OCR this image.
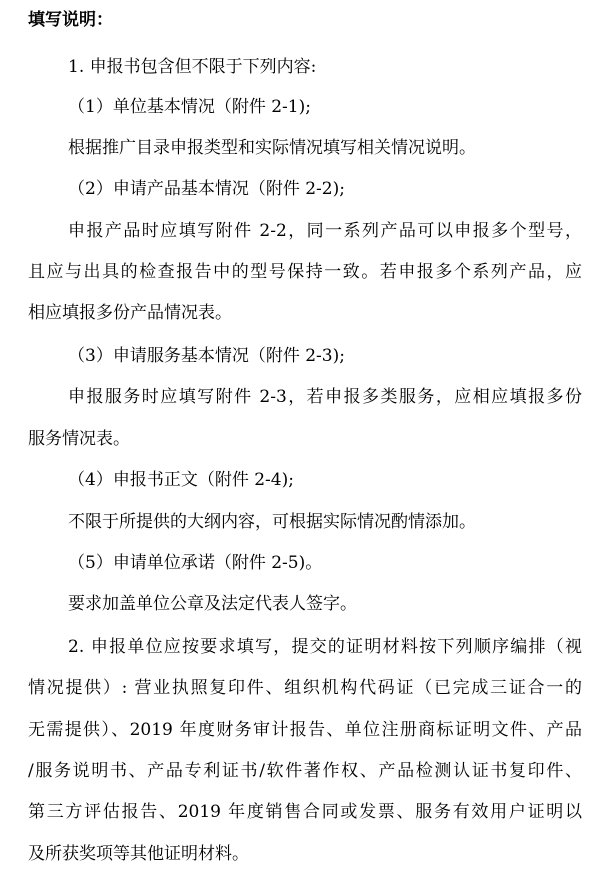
填写说明：
1. 申报书包含但不限于下列内容:
（1）单位基本情况（附件 2-1);
根据推广目录申报类型和实际情况填写相关情况说明。
（2）申请产品基本情况（附件 2-2);
申报产品时应填写附件 2-2，同一系列产品可以申报多个型号，
且应与出具的检查报告中的型号保持一致。若申报多个系列产品，应
相应填报多份产品情况表。
（3）申请服务基本情况（附件 2-3);
申报服务时应填写附件 2-3，若申报多类服务，应相应填报多份
服务情况表。
（4）申报书正文（附件 2-4);
不限于所提供的大纲内容，可根据实际情况酌情添加。
（5）申请单位承诺（附件 2-5)。
要求加盖单位公章及法定代表人签字。
2. 申报单位应按要求填写，提交的证明材料按下列顺序编排（视
情况提供）: 营业执照复印件、组织机构代码证（已完成三证合一的
无需提供）、2019 年度财务审计报告、单位注册商标证明文件、产品
/服务说明书、产品专利证书/软件著作权、产品检测认证书复印件、
第三方评估报告、2019 年度销售合同或发票、服务有效用户证明以
及所获奖项等其他证明材料。
